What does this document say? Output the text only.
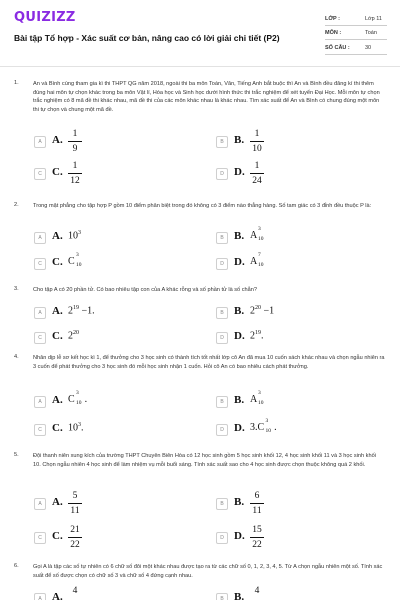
QUIZIZZ
Bài tập Tổ hợp - Xác suất cơ bản, nâng cao có lời giải chi tiết (P2)
LỚP :	Lớp 11
MÔN :	Toán
SỐ CÂU :	30
1.	An và Bình cùng tham gia kì thi THPT QG năm 2018, ngoài thi ba môn Toán, Văn, Tiếng Anh bắt buộc thì An và Bình đều đăng kí thi thêm đúng hai môn tự chọn khác trong ba môn Vật lí, Hóa học và Sinh học dưới hình thức thi trắc nghiệm để xét tuyển Đại Học. Mỗi môn tự chọn trắc nghiệm có 8 mã đề thi khác nhau, mã đề thi của các môn khác nhau là khác nhau. Tìm xác suất để An và Bình có chung đúng một môn thi tự chọn và chung một mã đề.
A A.	1
9
B B.	1
10
C C.	1
12
D D.	1
24
2.	Trong mặt phẳng cho tập hợp P gồm 10 điểm phân biệt trong đó không có 3 điểm nào thẳng hàng. Số tam giác có 3 đỉnh đều thuộc P là:
A A. $10^3$
B B. A
3
10
C C. C
3
10	D D. A
7
10
3.	Cho tập A có 20 phần tử. Có bao nhiêu tập con của A khác rỗng và số phần tử là số chẵn?
A A. $2^{19} -1$.	B B. $2^{20} -1$
C C. $2^{20}$
D D. $2^{19}$.
4.	Nhân dịp lễ sơ kết học kì 1, để thưởng cho 3 học sinh có thành tích tốt nhất lớp cô An đã mua 10 cuốn sách khác nhau và chọn ngẫu nhiên ra 3 cuốn để phát thưởng cho 3 học sinh đó mỗi học sinh nhận 1 cuốn. Hỏi cô An có bao nhiêu cách phát thưởng.
A A. C
3
10 .	B B. A
3
10
C C. $10^3$.	D D. 3.C
3
10 .
5.	Đội thanh niên xung kích của trường THPT Chuyên Biên Hòa có 12 học sinh gồm 5 học sinh khối 12, 4 học sinh khối 11 và 3 học sinh khối 10. Chọn ngẫu nhiên 4 học sinh để làm nhiệm vụ mỗi buổi sáng. Tính xác suất sao cho 4 học sinh được chọn thuộc không quá 2 khối.
A A.	5
11
B B.	6
11
C C. 21
22
D D. 15
22
6.	Gọi A là tập các số tự nhiên có 6 chữ số đôi một khác nhau được tạo ra từ các chữ số 0, 1, 2, 3, 4, 5. Từ A chọn ngẫu nhiên một số. Tính xác suất để số được chọn có chữ số 3 và chữ số 4 đứng cạnh nhau.
A A.	4
B B.	4
